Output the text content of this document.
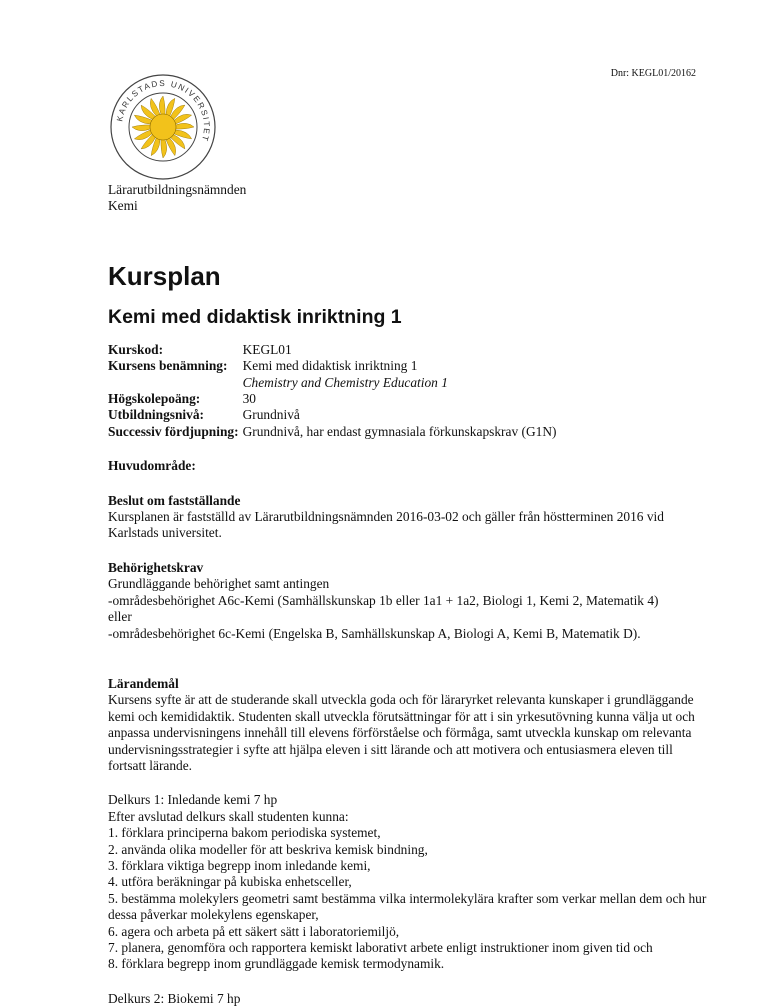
Dnr: KEGL01/20162
KARLSTADS UNIVERSITET

Lärarutbildningsnämnden

Kemi

Kursplan
Kemi med didaktisk inriktning 1
Kurskod:	KEGL01
Kursens benämning:	Kemi med didaktisk inriktning 1
Chemistry and Chemistry Education 1

Högskolepoäng:	30
Utbildningsnivå:	Grundnivå
Successiv fördjupning:	Grundnivå, har endast gymnasiala förkunskapskrav (G1N)

Huvudområde:

Beslut om fastställande

Kursplanen är fastställd av Lärarutbildningsnämnden 2016-03-02 och gäller från höstterminen 2016 vid Karlstads universitet.

Behörighetskrav

Grundläggande behörighet samt antingen

-områdesbehörighet A6c-Kemi (Samhällskunskap 1b eller 1a1 + 1a2, Biologi 1, Kemi 2, Matematik 4)

eller

-områdesbehörighet 6c-Kemi (Engelska B, Samhällskunskap A, Biologi A, Kemi B, Matematik D).

Lärandemål

Kursens syfte är att de studerande skall utveckla goda och för läraryrket relevanta kunskaper i grundläggande kemi och kemididaktik. Studenten skall utveckla förutsättningar för att i sin yrkesutövning kunna välja ut och anpassa undervisningens innehåll till elevens förförståelse och förmåga, samt utveckla kunskap om relevanta undervisningsstrategier i syfte att hjälpa eleven i sitt lärande och att motivera och entusiasmera eleven till fortsatt lärande.

Delkurs 1: Inledande kemi 7 hp

Efter avslutad delkurs skall studenten kunna:

1. förklara principerna bakom periodiska systemet,
2. använda olika modeller för att beskriva kemisk bindning,
3. förklara viktiga begrepp inom inledande kemi,
4. utföra beräkningar på kubiska enhetsceller,
5. bestämma molekylers geometri samt bestämma vilka intermolekylära krafter som verkar mellan dem och hur dessa påverkar molekylens egenskaper,
6. agera och arbeta på ett säkert sätt i laboratoriemiljö,
7. planera, genomföra och rapportera kemiskt laborativt arbete enligt instruktioner inom given tid och
8. förklara begrepp inom grundläggade kemisk termodynamik.

Delkurs 2: Biokemi 7 hp
